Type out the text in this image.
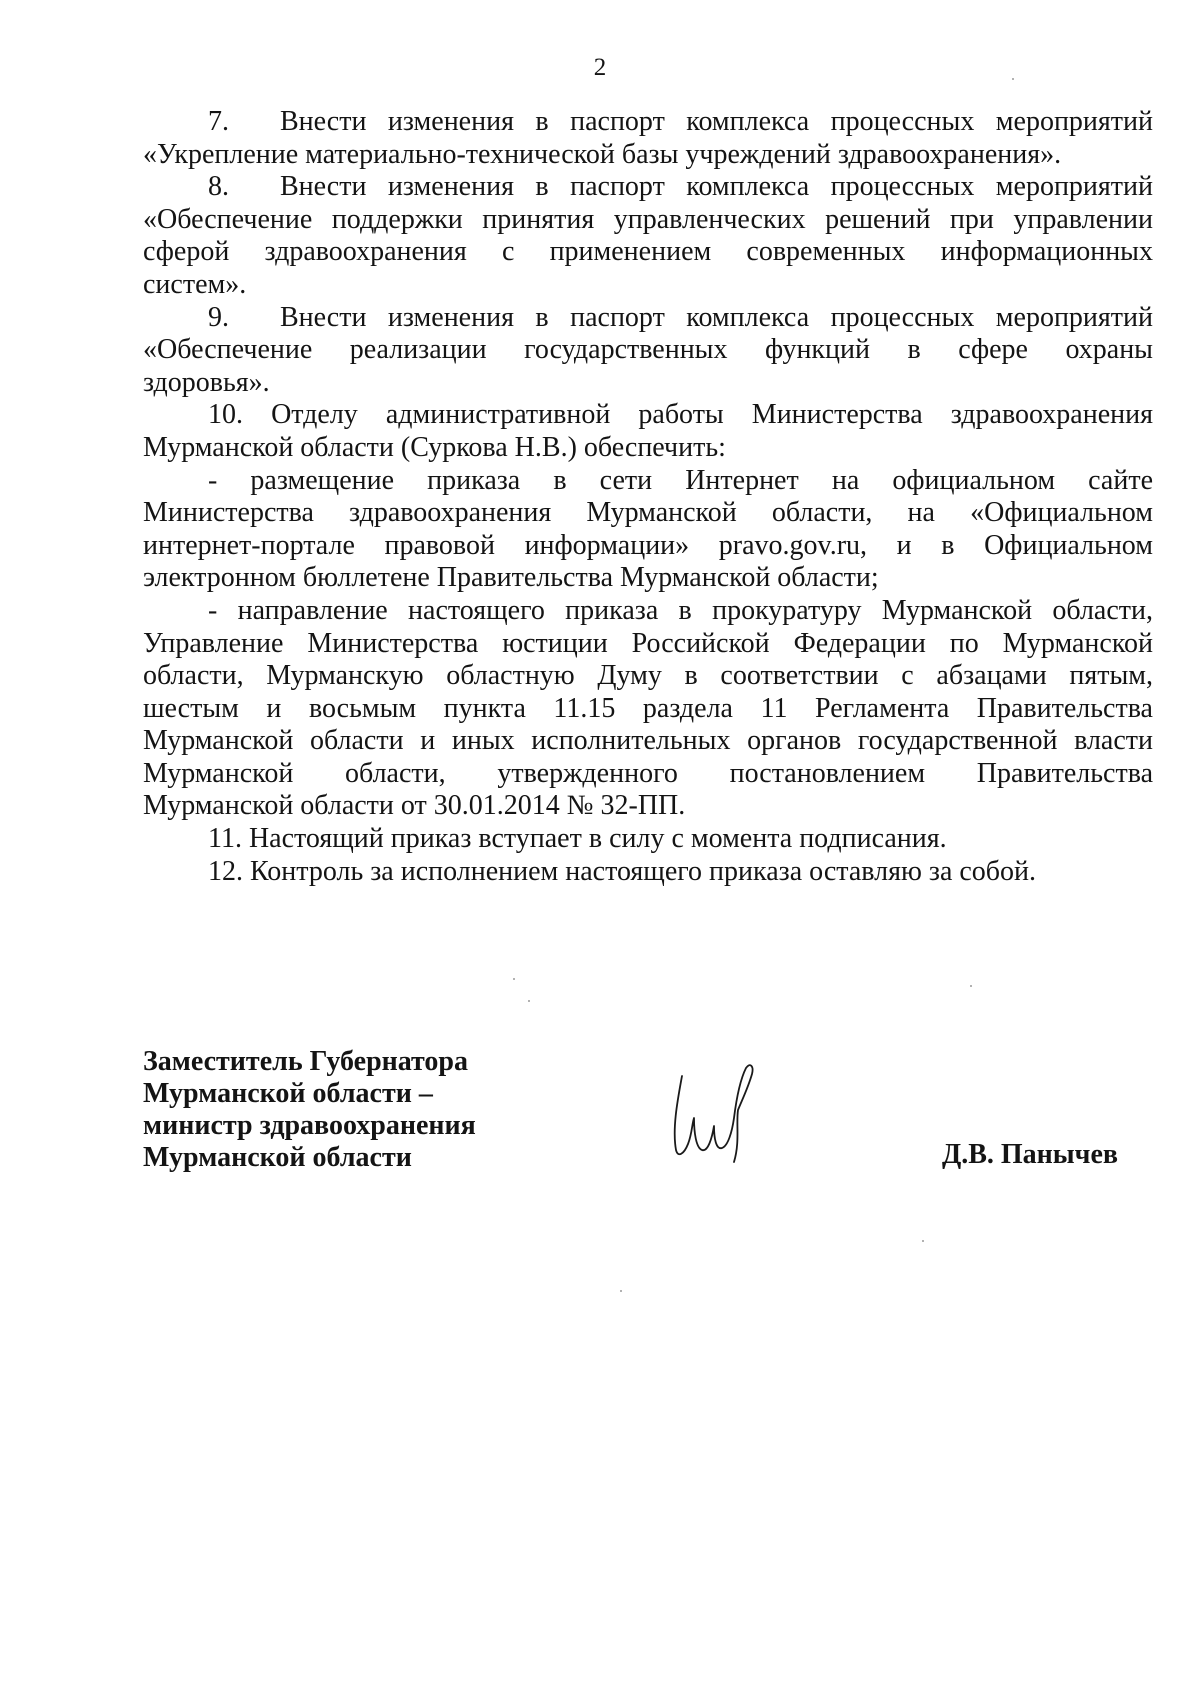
2

7. Внести изменения в паспорт комплекса процессных мероприятий

«Укрепление материально-технической базы учреждений здравоохранения».

8. Внести изменения в паспорт комплекса процессных мероприятий

«Обеспечение поддержки принятия управленческих решений при управлении

сферой здравоохранения с применением современных информационных

систем».

9. Внести изменения в паспорт комплекса процессных мероприятий

«Обеспечение реализации государственных функций в сфере охраны

здоровья».

10. Отделу административной работы Министерства здравоохранения

Мурманской области (Суркова Н.В.) обеспечить:

- размещение приказа в сети Интернет на официальном сайте

Министерства здравоохранения Мурманской области, на «Официальном

интернет-портале правовой информации» pravo.gov.ru, и в Официальном

электронном бюллетене Правительства Мурманской области;

- направление настоящего приказа в прокуратуру Мурманской области,

Управление Министерства юстиции Российской Федерации по Мурманской

области, Мурманскую областную Думу в соответствии с абзацами пятым,

шестым и восьмым пункта 11.15 раздела 11 Регламента Правительства

Мурманской области и иных исполнительных органов государственной власти

Мурманской области, утвержденного постановлением Правительства

Мурманской области от 30.01.2014 № 32-ПП.

11. Настоящий приказ вступает в силу с момента подписания.

12. Контроль за исполнением настоящего приказа оставляю за собой.

Заместитель Губернатора
Мурманской области –
министр здравоохранения
Мурманской области	Д.В. Панычев
